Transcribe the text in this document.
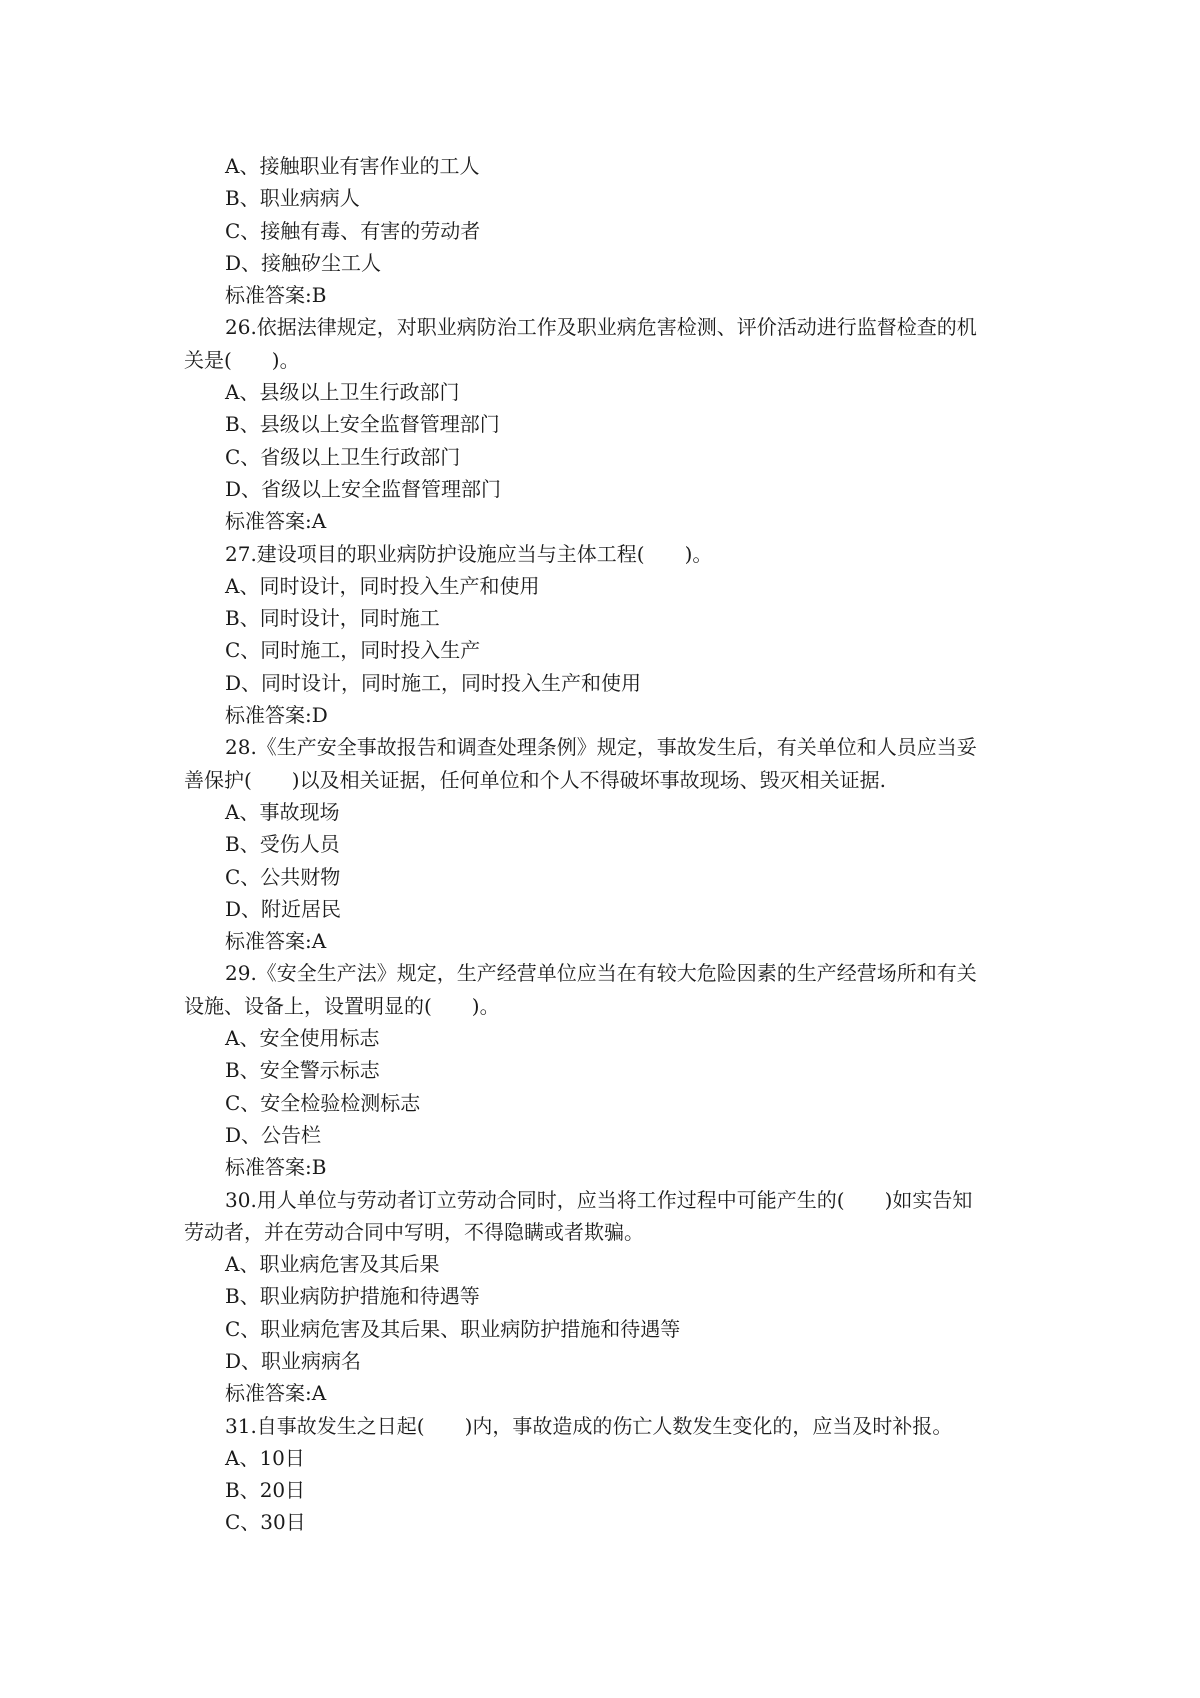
A、接触职业有害作业的工人
B、职业病病人
C、接触有毒、有害的劳动者
D、接触矽尘工人
标准答案:B
26.依据法律规定，对职业病防治工作及职业病危害检测、评价活动进行监督检查的机
关是(　　)。
A、县级以上卫生行政部门
B、县级以上安全监督管理部门
C、省级以上卫生行政部门
D、省级以上安全监督管理部门
标准答案:A
27.建设项目的职业病防护设施应当与主体工程(　　)。
A、同时设计，同时投入生产和使用
B、同时设计，同时施工
C、同时施工，同时投入生产
D、同时设计，同时施工，同时投入生产和使用
标准答案:D
28.《生产安全事故报告和调查处理条例》规定，事故发生后，有关单位和人员应当妥
善保护(　　)以及相关证据，任何单位和个人不得破坏事故现场、毁灭相关证据.
A、事故现场
B、受伤人员
C、公共财物
D、附近居民
标准答案:A
29.《安全生产法》规定，生产经营单位应当在有较大危险因素的生产经营场所和有关
设施、设备上，设置明显的(　　)。
A、安全使用标志
B、安全警示标志
C、安全检验检测标志
D、公告栏
标准答案:B
30.用人单位与劳动者订立劳动合同时，应当将工作过程中可能产生的(　　)如实告知
劳动者，并在劳动合同中写明，不得隐瞒或者欺骗。
A、职业病危害及其后果
B、职业病防护措施和待遇等
C、职业病危害及其后果、职业病防护措施和待遇等
D、职业病病名
标准答案:A
31.自事故发生之日起(　　)内，事故造成的伤亡人数发生变化的，应当及时补报。
A、10日
B、20日
C、30日
